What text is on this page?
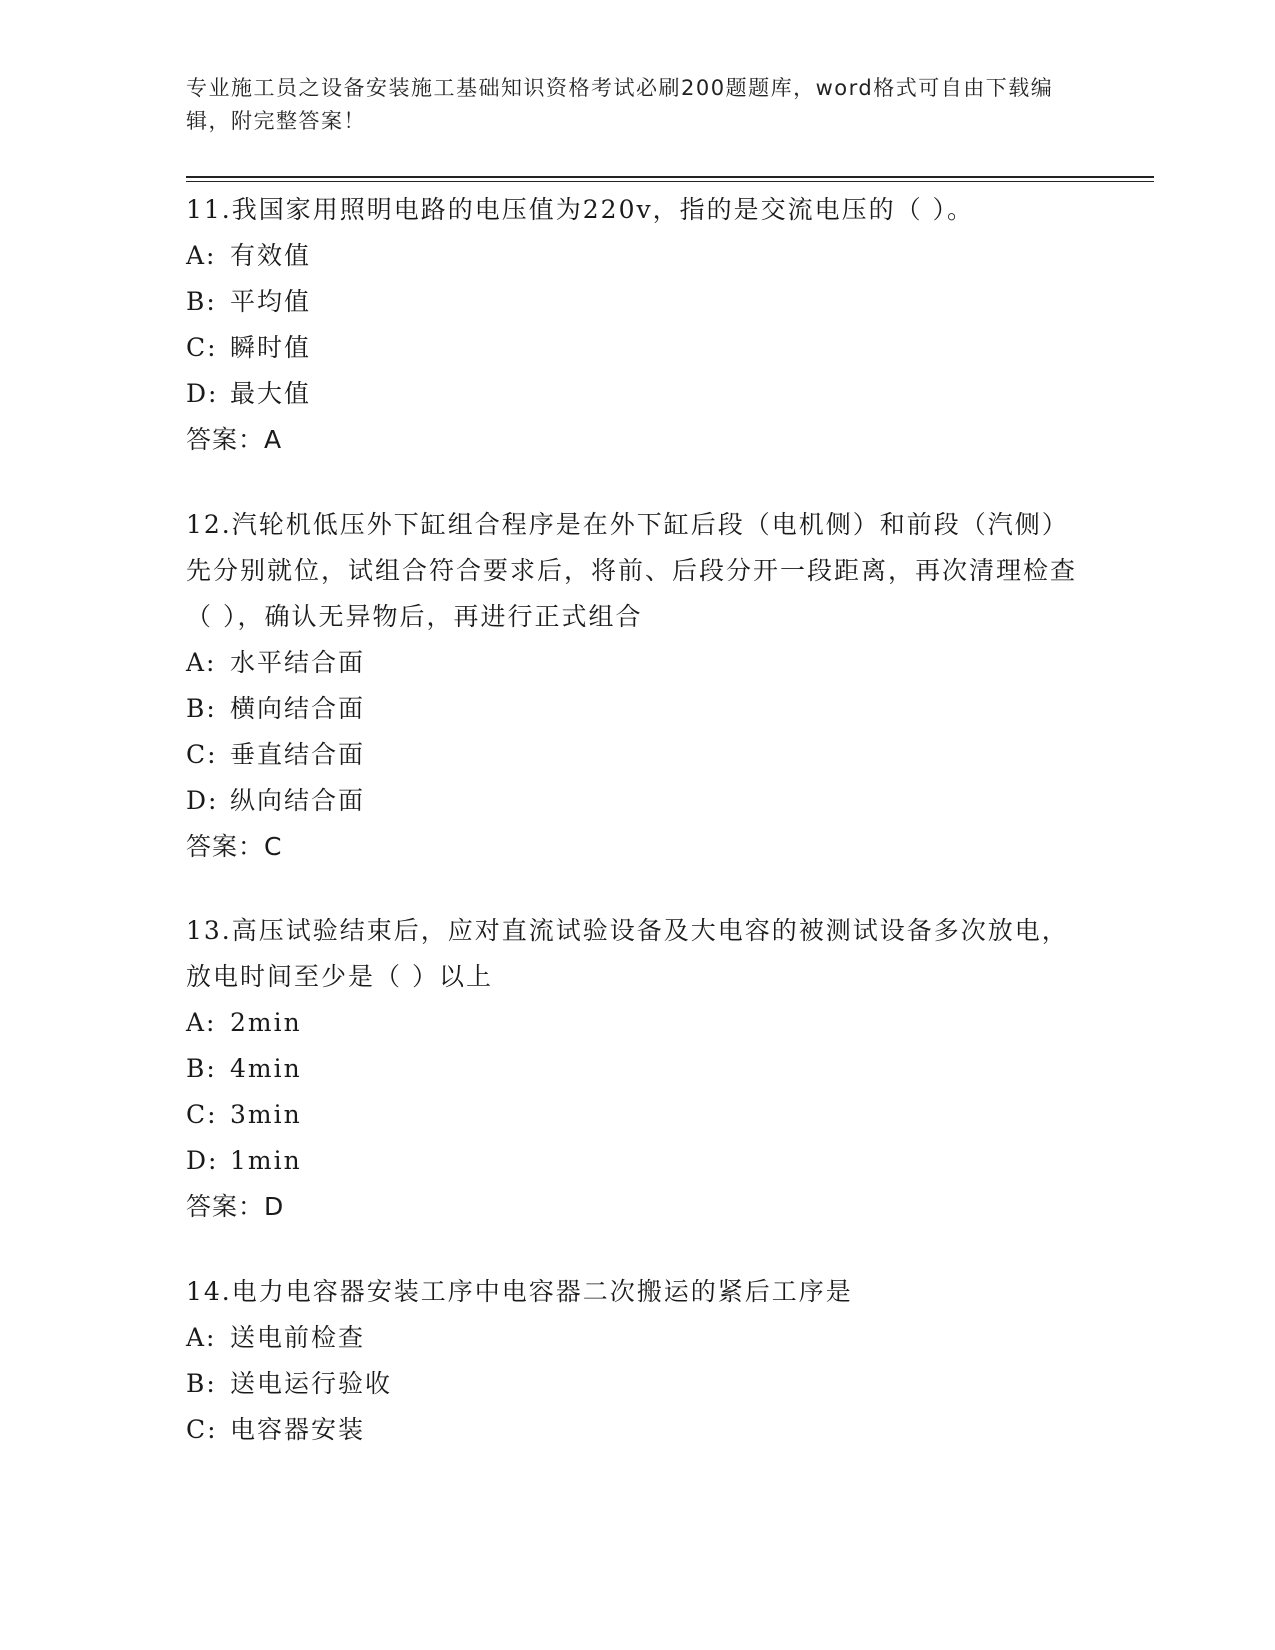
专业施工员之设备安装施工基础知识资格考试必刷200题题库，word格式可自由下载编辑，附完整答案！

11.我国家用照明电路的电压值为220v，指的是交流电压的（ ）。

A: 有效值

B: 平均值

C: 瞬时值

D: 最大值

答案：A

12.汽轮机低压外下缸组合程序是在外下缸后段（电机侧）和前段（汽侧）先分别就位，试组合符合要求后，将前、后段分开一段距离，再次清理检查（ ），确认无异物后，再进行正式组合

A: 水平结合面

B: 横向结合面

C: 垂直结合面

D: 纵向结合面

答案：C

13.高压试验结束后，应对直流试验设备及大电容的被测试设备多次放电，放电时间至少是（ ）以上

A: 2min

B: 4min

C: 3min

D: 1min

答案：D

14.电力电容器安装工序中电容器二次搬运的紧后工序是

A: 送电前检查

B: 送电运行验收

C: 电容器安装
